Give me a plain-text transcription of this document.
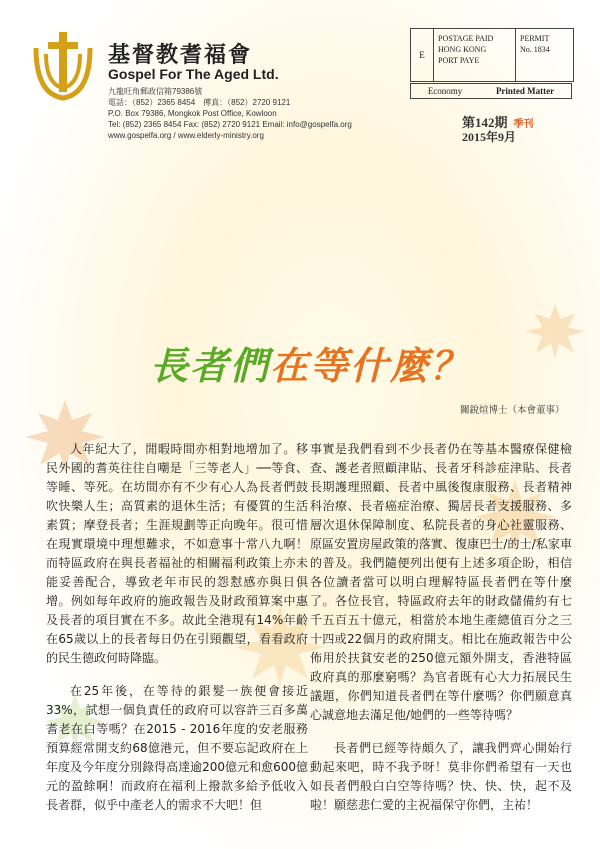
基督教耆福會
Gospel For The Aged Ltd.
九龍旺角郵政信箱79386號
電話：（852）2365 8454　傳真：（852）2720 9121
P.O. Box 79386, Mongkok Post Office, Kowloon
Tel: (852) 2365 8454 Fax: (852) 2720 9121 Email: info@gospelfa.org
www.gospelfa.org / www.elderly-ministry.org
E
POSTAGE PAID
HONG KONG
PORT PAYE
PERMIT
No. 1834
Economy	Printed Matter
第142期 季刊
2015年9月
長者們在等什麼？
關銳煊博士（本會董事）

人年紀大了，閒暇時間亦相對地增加了。移民外國的耆英往往自嘲是「三等老人」──等食、等睡、等死。在坊間亦有不少有心人為長者們鼓吹快樂人生；高質素的退休生活；有優質的生活素質；摩登長者；生涯規劃等正向晚年。很可惜在現實環境中理想難求，不如意事十常八九啊！而特區政府在與長者福祉的相關福利政策上亦未能妥善配合，導致老年市民的怨懟感亦與日俱增。例如每年政府的施政報告及財政預算案中惠及長者的項目實在不多。故此全港現有14%年齡在65歲以上的長者每日仍在引頸觀望，看看政府的民生德政何時降臨。

在25年後，在等待的銀髮一族便會接近33%，試想一個負責任的政府可以容許三百多萬耆老在白等嗎？在2015 - 2016年度的安老服務預算經常開支約68億港元，但不要忘記政府在上年度及今年度分別錄得高達逾200億元和愈600億元的盈餘啊！而政府在福利上撥款多給予低收入長者群，似乎中產老人的需求不大吧！但

事實是我們看到不少長者仍在等基本醫療保健檢查、護老者照顧津貼、長者牙科診症津貼、長者長期護理照顧、長者中風後復康服務、長者精神科治療、長者癌症治療、獨居長者支援服務、多層次退休保障制度、私院長者的身心社靈服務、原區安置房屋政策的落實、復康巴士/的士/私家車的普及。我們隨便列出便有上述多項企盼，相信各位讀者當可以明白理解特區長者們在等什麼了。各位長官，特區政府去年的財政儲備約有七千五百五十億元，相當於本地生產總值百分之三十四或22個月的政府開支。相比在施政報告中公佈用於扶貧安老的250億元額外開支，香港特區政府真的那麼窮嗎？為官者既有心大力拓展民生議題，你們知道長者們在等什麼嗎？你們願意真心誠意地去滿足他/她們的一些等待嗎？

長者們已經等待頗久了，讓我們齊心開始行動起來吧，時不我予呀！莫非你們希望有一天也如長者們般白白空等待嗎？快、快、快，起不及啦！願慈悲仁愛的主祝福保守你們，主祐！
